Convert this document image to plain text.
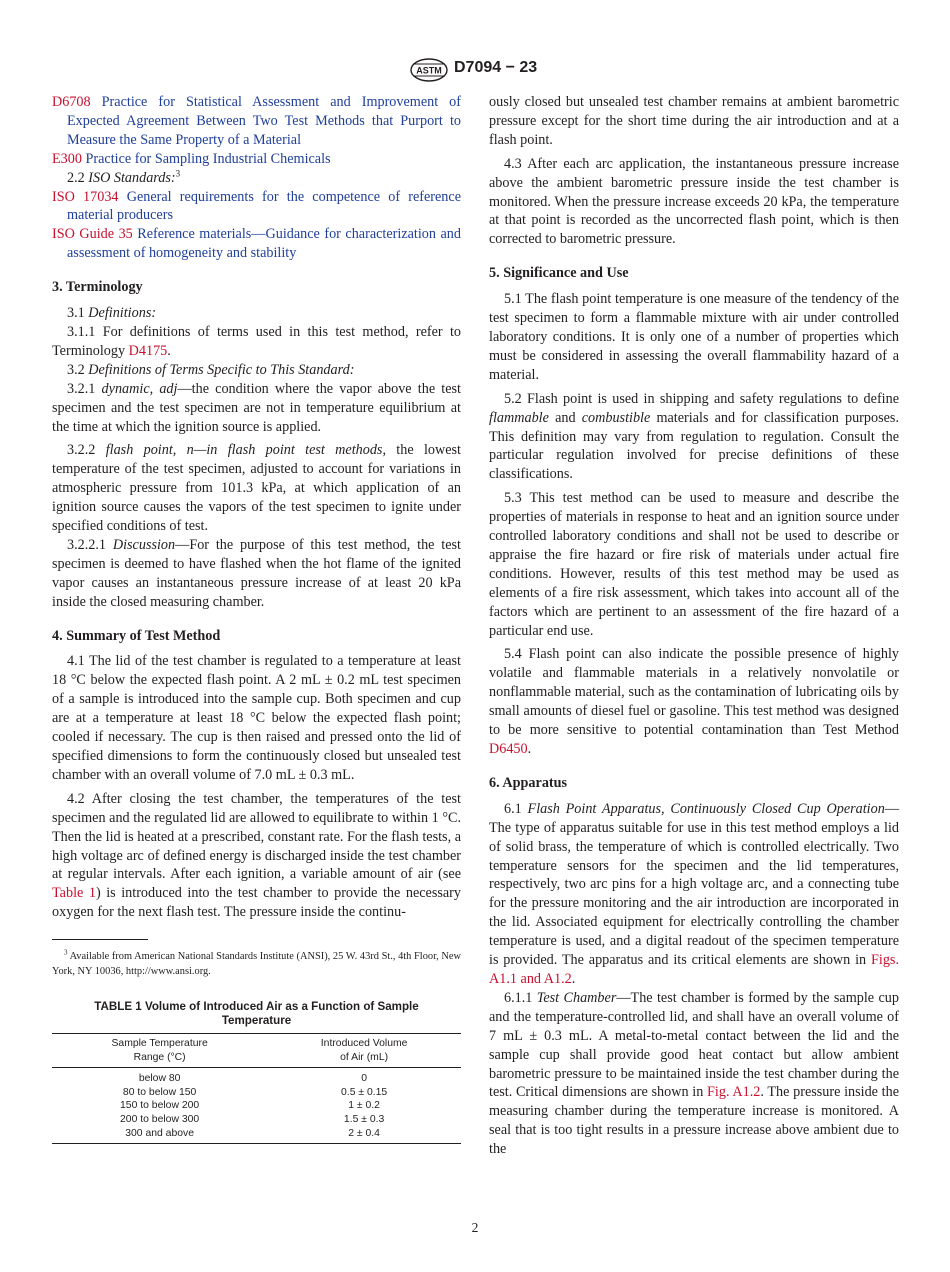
ASTM D7094 − 23

D6708 Practice for Statistical Assessment and Improvement of Expected Agreement Between Two Test Methods that Purport to Measure the Same Property of a Material

E300 Practice for Sampling Industrial Chemicals

2.2 ISO Standards:$^3$

ISO 17034 General requirements for the competence of reference material producers

ISO Guide 35 Reference materials—Guidance for characterization and assessment of homogeneity and stability

3. Terminology

3.1 Definitions:

3.1.1 For definitions of terms used in this test method, refer to Terminology D4175.

3.2 Definitions of Terms Specific to This Standard:

3.2.1 dynamic, adj—the condition where the vapor above the test specimen and the test specimen are not in temperature equilibrium at the time at which the ignition source is applied.

3.2.2 flash point, n—in flash point test methods, the lowest temperature of the test specimen, adjusted to account for variations in atmospheric pressure from 101.3 kPa, at which application of an ignition source causes the vapors of the test specimen to ignite under specified conditions of test.

3.2.2.1 Discussion—For the purpose of this test method, the test specimen is deemed to have flashed when the hot flame of the ignited vapor causes an instantaneous pressure increase of at least 20 kPa inside the closed measuring chamber.

4. Summary of Test Method

4.1 The lid of the test chamber is regulated to a temperature at least 18 °C below the expected flash point. A 2 mL ± 0.2 mL test specimen of a sample is introduced into the sample cup. Both specimen and cup are at a temperature at least 18 °C below the expected flash point; cooled if necessary. The cup is then raised and pressed onto the lid of specified dimensions to form the continuously closed but unsealed test chamber with an overall volume of 7.0 mL ± 0.3 mL.

4.2 After closing the test chamber, the temperatures of the test specimen and the regulated lid are allowed to equilibrate to within 1 °C. Then the lid is heated at a prescribed, constant rate. For the flash tests, a high voltage arc of defined energy is discharged inside the test chamber at regular intervals. After each ignition, a variable amount of air (see Table 1) is introduced into the test chamber to provide the necessary oxygen for the next flash test. The pressure inside the continu-

$^3$ Available from American National Standards Institute (ANSI), 25 W. 43rd St., 4th Floor, New York, NY 10036, http://www.ansi.org.

TABLE 1 Volume of Introduced Air as a Function of Sample Temperature
Sample Temperature
Range (°C)	Introduced Volume
of Air (mL)
below 80	0
80 to below 150	0.5 ± 0.15
150 to below 200	1 ± 0.2
200 to below 300	1.5 ± 0.3
300 and above	2 ± 0.4

ously closed but unsealed test chamber remains at ambient barometric pressure except for the short time during the air introduction and at a flash point.

4.3 After each arc application, the instantaneous pressure increase above the ambient barometric pressure inside the test chamber is monitored. When the pressure increase exceeds 20 kPa, the temperature at that point is recorded as the uncorrected flash point, which is then corrected to barometric pressure.

5. Significance and Use

5.1 The flash point temperature is one measure of the tendency of the test specimen to form a flammable mixture with air under controlled laboratory conditions. It is only one of a number of properties which must be considered in assessing the overall flammability hazard of a material.

5.2 Flash point is used in shipping and safety regulations to define flammable and combustible materials and for classification purposes. This definition may vary from regulation to regulation. Consult the particular regulation involved for precise definitions of these classifications.

5.3 This test method can be used to measure and describe the properties of materials in response to heat and an ignition source under controlled laboratory conditions and shall not be used to describe or appraise the fire hazard or fire risk of materials under actual fire conditions. However, results of this test method may be used as elements of a fire risk assessment, which takes into account all of the factors which are pertinent to an assessment of the fire hazard of a particular end use.

5.4 Flash point can also indicate the possible presence of highly volatile and flammable materials in a relatively nonvolatile or nonflammable material, such as the contamination of lubricating oils by small amounts of diesel fuel or gasoline. This test method was designed to be more sensitive to potential contamination than Test Method D6450.

6. Apparatus

6.1 Flash Point Apparatus, Continuously Closed Cup Operation—The type of apparatus suitable for use in this test method employs a lid of solid brass, the temperature of which is controlled electrically. Two temperature sensors for the specimen and the lid temperatures, respectively, two arc pins for a high voltage arc, and a connecting tube for the pressure monitoring and the air introduction are incorporated in the lid. Associated equipment for electrically controlling the chamber temperature is used, and a digital readout of the specimen temperature is provided. The apparatus and its critical elements are shown in Figs. A1.1 and A1.2.

6.1.1 Test Chamber—The test chamber is formed by the sample cup and the temperature-controlled lid, and shall have an overall volume of 7 mL ± 0.3 mL. A metal-to-metal contact between the lid and the sample cup shall provide good heat contact but allow ambient barometric pressure to be maintained inside the test chamber during the test. Critical dimensions are shown in Fig. A1.2. The pressure inside the measuring chamber during the temperature increase is monitored. A seal that is too tight results in a pressure increase above ambient due to the

2
